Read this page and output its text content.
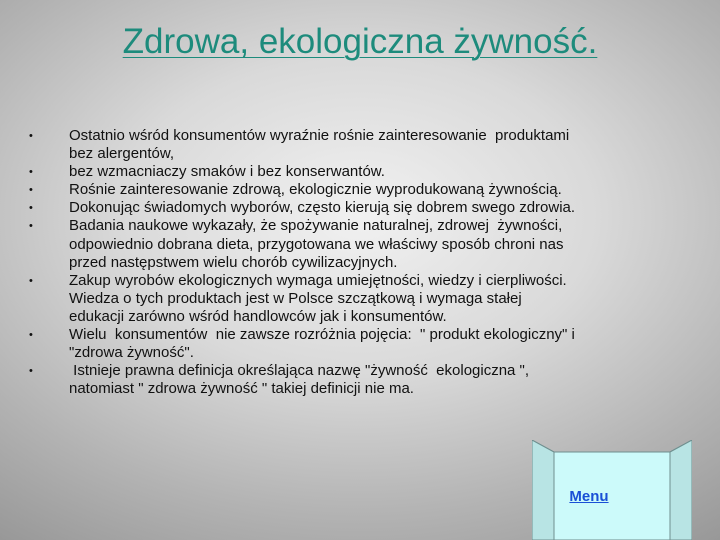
Zdrowa, ekologiczna żywność.
•	Ostatnio wśród konsumentów wyraźnie rośnie zainteresowanie  produktami
bez alergentów,
•	bez wzmacniaczy smaków i bez konserwantów.
•	Rośnie zainteresowanie zdrową, ekologicznie wyprodukowaną żywnością.
•	Dokonując świadomych wyborów, często kierują się dobrem swego zdrowia.
•	Badania naukowe wykazały, że spożywanie naturalnej, zdrowej  żywności,
odpowiednio dobrana dieta, przygotowana we właściwy sposób chroni nas
przed następstwem wielu chorób cywilizacyjnych.
•	Zakup wyrobów ekologicznych wymaga umiejętności, wiedzy i cierpliwości.
Wiedza o tych produktach jest w Polsce szczątkową i wymaga stałej
edukacji zarówno wśród handlowców jak i konsumentów.
•	Wielu  konsumentów  nie zawsze rozróżnia pojęcia:  " produkt ekologiczny" i
"zdrowa żywność".
•	Istnieje prawna definicja określająca nazwę "żywność  ekologiczna ",
natomiast " zdrowa żywność " takiej definicji nie ma.
Menu
